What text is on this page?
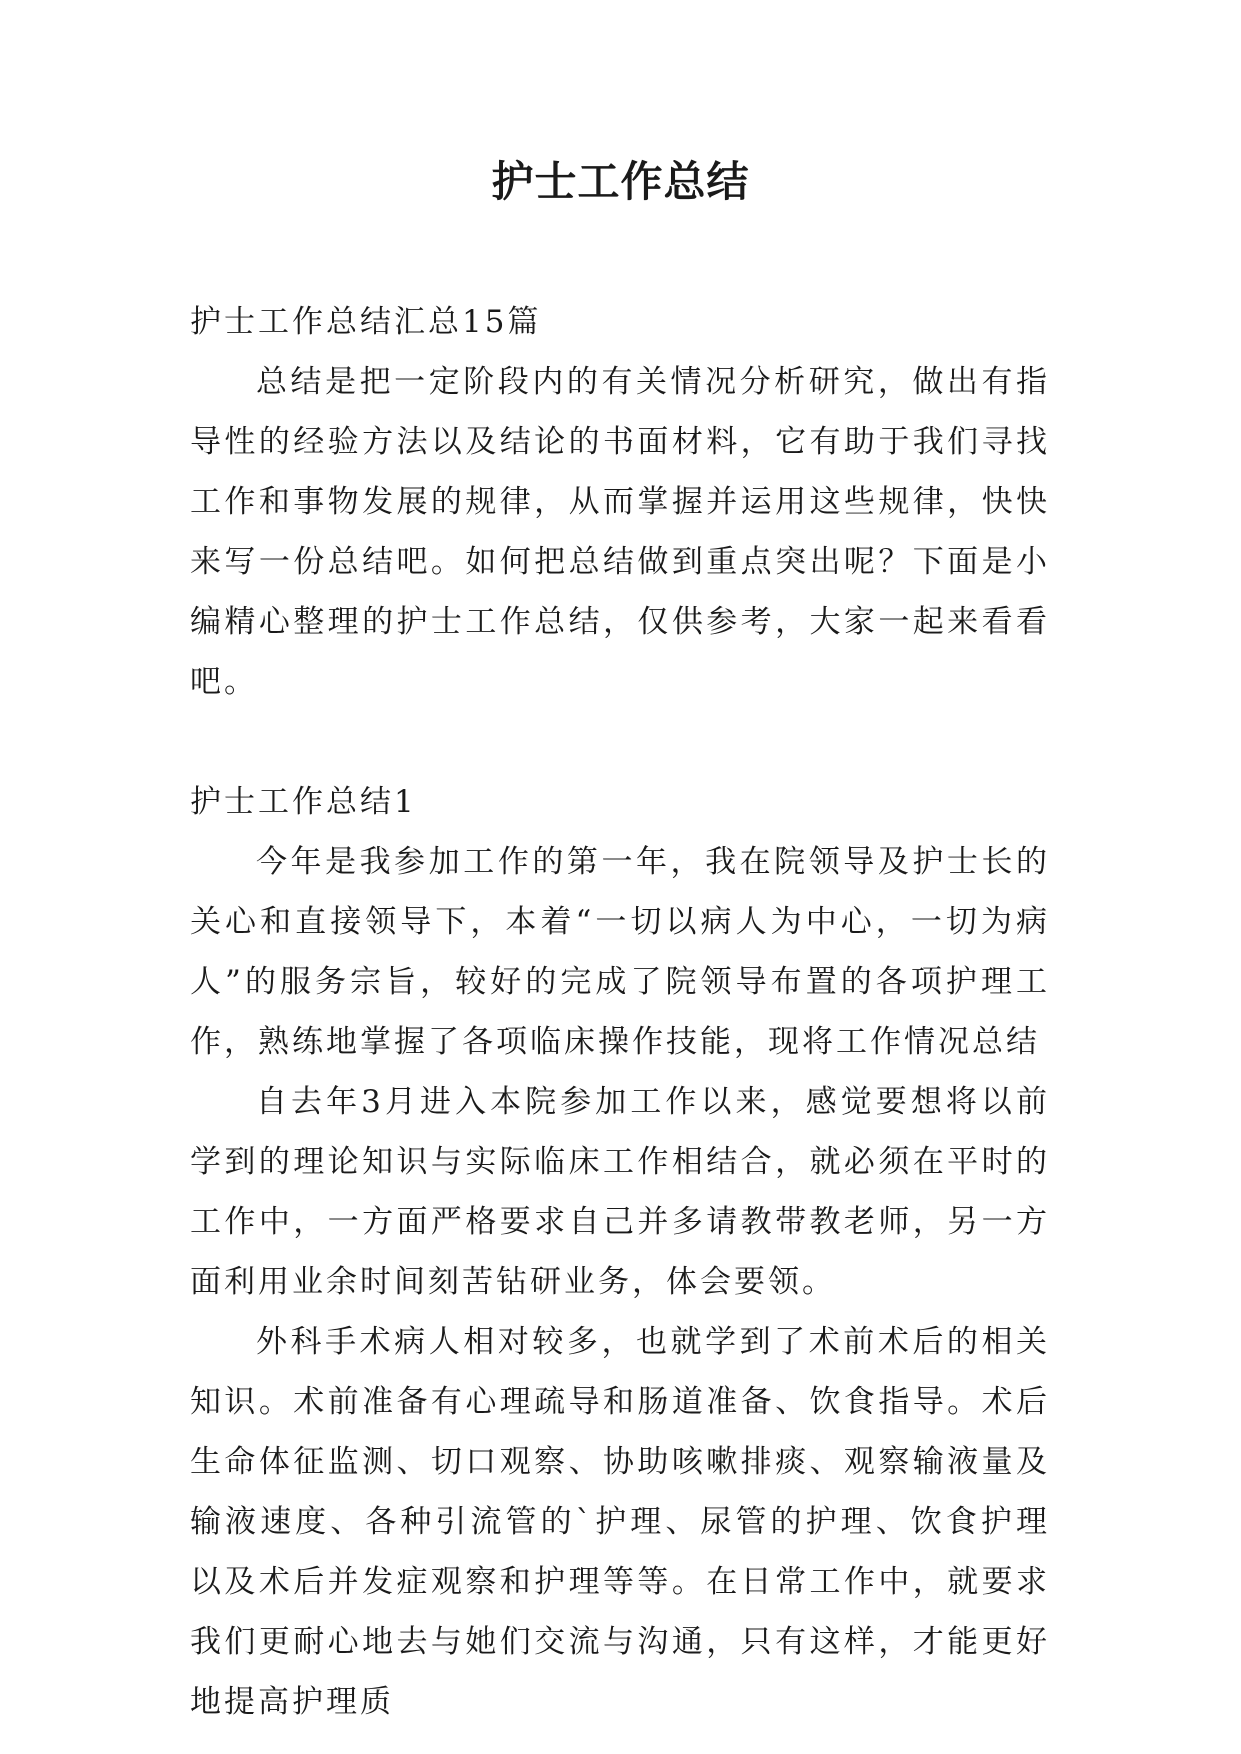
护士工作总结

护士工作总结汇总15篇

总结是把一定阶段内的有关情况分析研究，做出有指导性的经验方法以及结论的书面材料，它有助于我们寻找工作和事物发展的规律，从而掌握并运用这些规律，快快来写一份总结吧。如何把总结做到重点突出呢？下面是小编精心整理的护士工作总结，仅供参考，大家一起来看看吧。

护士工作总结1

今年是我参加工作的第一年，我在院领导及护士长的关心和直接领导下，本着“一切以病人为中心，一切为病人”的服务宗旨，较好的完成了院领导布置的各项护理工作，熟练地掌握了各项临床操作技能，现将工作情况总结

自去年3月进入本院参加工作以来，感觉要想将以前学到的理论知识与实际临床工作相结合，就必须在平时的工作中，一方面严格要求自己并多请教带教老师，另一方面利用业余时间刻苦钻研业务，体会要领。

外科手术病人相对较多，也就学到了术前术后的相关知识。术前准备有心理疏导和肠道准备、饮食指导。术后生命体征监测、切口观察、协助咳嗽排痰、观察输液量及输液速度、各种引流管的`护理、尿管的护理、饮食护理以及术后并发症观察和护理等等。在日常工作中，就要求我们更耐心地去与她们交流与沟通，只有这样，才能更好地提高护理质
